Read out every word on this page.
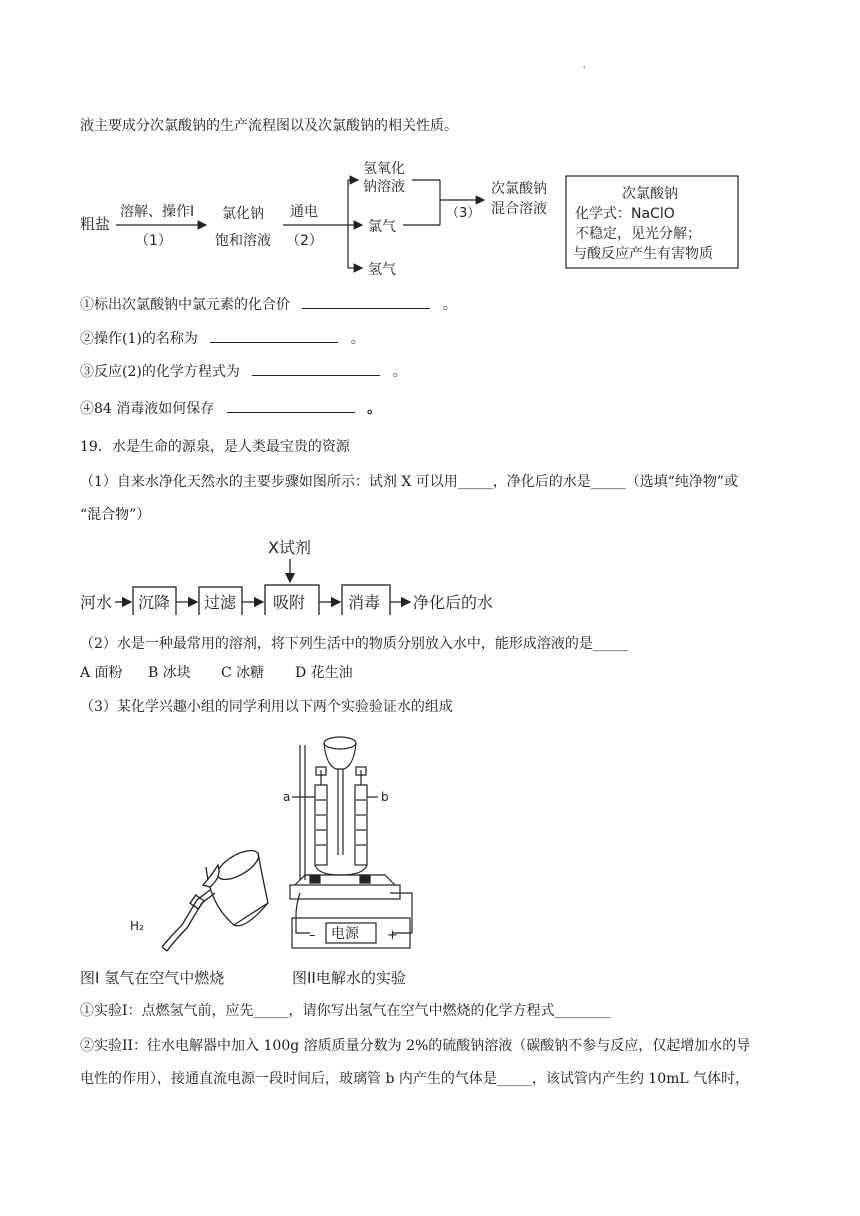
'
液主要成分次氯酸钠的生产流程图以及次氯酸钠的相关性质。
粗盐
溶解、操作I
（1）
氯化钠
饱和溶液
通电
（2）
氢氧化
钠溶液
氯气
氢气
（3）
次氯酸钠
混合溶液
次氯酸钠
化学式：NaClO
不稳定，见光分解；
与酸反应产生有害物质
①标出次氯酸钠中氯元素的化合价	。
②操作(1)的名称为	。
③反应(2)的化学方程式为	。
④84 消毒液如何保存	。
19．水是生命的源泉，是人类最宝贵的资源
（1）自来水净化天然水的主要步骤如图所示：试剂 X 可以用_____，净化后的水是_____（选填“纯净物”或
“混合物”）
X试剂
河水 沉降 过滤 吸附	消毒 净化后的水
（2）水是一种最常用的溶剂，将下列生活中的物质分别放入水中，能形成溶液的是_____
A 面粉 B 冰块 C 冰糖 D 花生油
（3）某化学兴趣小组的同学利用以下两个实验验证水的组成
H₂
a	b
–	+
电源
图I 氢气在空气中燃烧	图II电解水的实验
①实验I：点燃氢气前，应先_____，请你写出氢气在空气中燃烧的化学方程式________
②实验II：往水电解器中加入 100g 溶质质量分数为 2%的硫酸钠溶液（碳酸钠不参与反应，仅起增加水的导
电性的作用），接通直流电源一段时间后，玻璃管 b 内产生的气体是_____，该试管内产生约 10mL 气体时，
